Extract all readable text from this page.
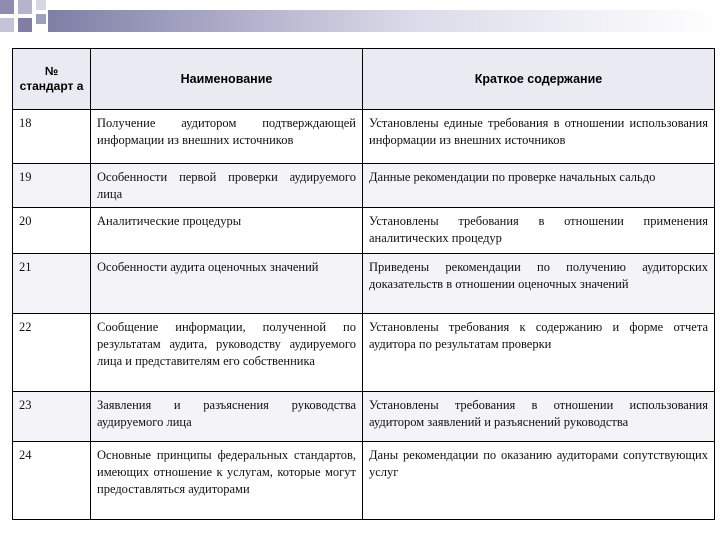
№ стандарт а	Наименование	Краткое содержание
18	Получение аудитором подтверждающей информации из внешних источников	Установлены единые требования в отношении использования информации из внешних источников
19	Особенности первой проверки аудируемого лица	Данные рекомендации по проверке начальных сальдо
20	Аналитические процедуры	Установлены требования в отношении применения аналитических процедур
21	Особенности аудита оценочных значений	Приведены рекомендации по получению аудиторских доказательств в отношении оценочных значений
22	Сообщение информации, полученной по результатам аудита, руководству аудируемого лица и представителям его собственника	Установлены требования к содержанию и форме отчета аудитора по результатам проверки
23	Заявления и разъяснения руководства аудируемого лица	Установлены требования в отношении использования аудитором заявлений и разъяснений руководства
24	Основные принципы федеральных стандартов, имеющих отношение к услугам, которые могут предоставляться аудиторами	Даны рекомендации по оказанию аудиторами сопутствующих услуг
